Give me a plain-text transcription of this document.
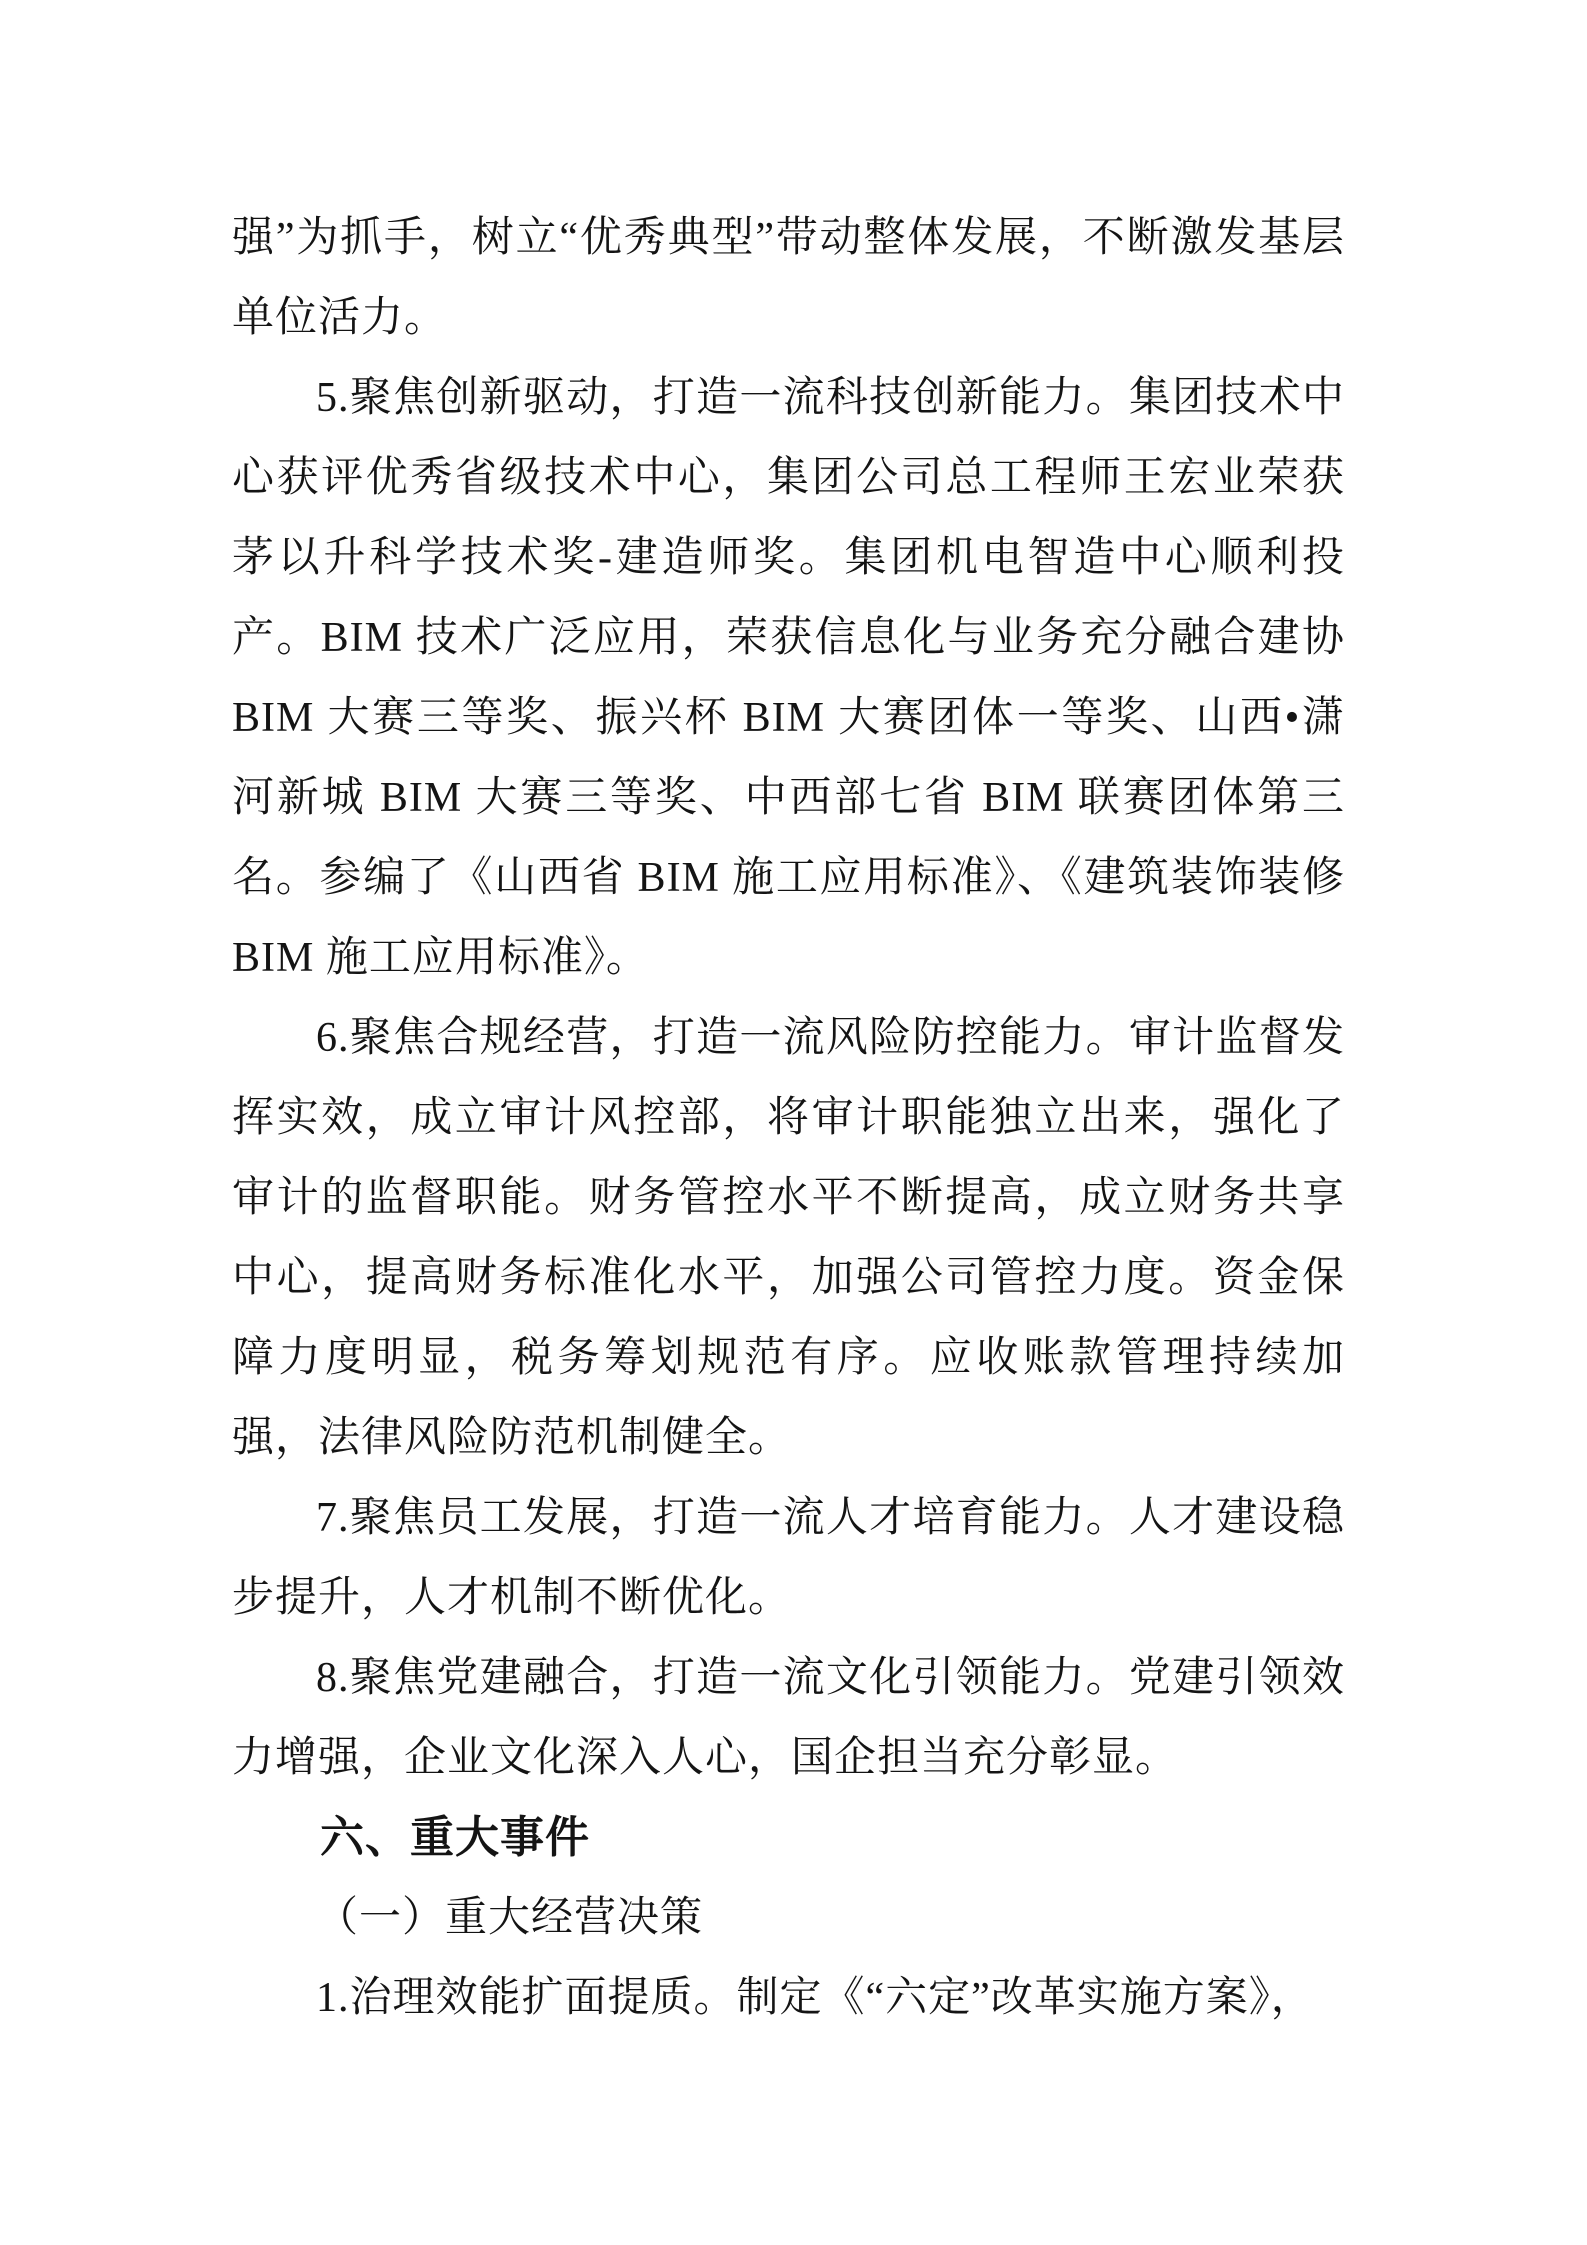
强”为抓手，树立“优秀典型”带动整体发展，不断激发基层单位活力。

5.聚焦创新驱动，打造一流科技创新能力。集团技术中心获评优秀省级技术中心，集团公司总工程师王宏业荣获茅以升科学技术奖-建造师奖。集团机电智造中心顺利投产。BIM 技术广泛应用，荣获信息化与业务充分融合建协 BIM 大赛三等奖、振兴杯 BIM 大赛团体一等奖、山西•潇河新城 BIM 大赛三等奖、中西部七省 BIM 联赛团体第三名。参编了《山西省 BIM 施工应用标准》、《建筑装饰装修 BIM 施工应用标准》。

6.聚焦合规经营，打造一流风险防控能力。审计监督发挥实效，成立审计风控部，将审计职能独立出来，强化了审计的监督职能。财务管控水平不断提高，成立财务共享中心，提高财务标准化水平，加强公司管控力度。资金保障力度明显，税务筹划规范有序。应收账款管理持续加强，法律风险防范机制健全。

7.聚焦员工发展，打造一流人才培育能力。人才建设稳步提升，人才机制不断优化。

8.聚焦党建融合，打造一流文化引领能力。党建引领效力增强，企业文化深入人心，国企担当充分彰显。

六、重大事件

（一）重大经营决策

1.治理效能扩面提质。制定《“六定”改革实施方案》，
